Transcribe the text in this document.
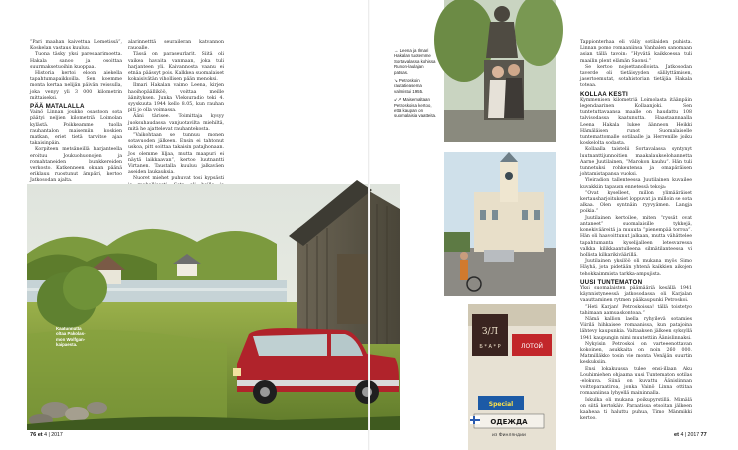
”Pari maahan kaivettua Lemetissä”, Koskelan vastaus kuuluu.

Tuona täsky yksi paresaarimoetta. Hakala sanoo ja osoittaa suurmaksetuoihin kuoppaa.

Historia kertoi eloon aiekella tapahtumapaikkoilla. Sen koemme monta kertaa nelijän päivän reissulla, joka venyy yli 3 000 kilometrin mittaiseksi.

PÄÄ MATALALLA

Vainö Linnan joukko osastoon sota päätyi neljien kilometriä Loimolan kylästä. Poikkeamme tuolla rauhantalon maisemiin koskien matkan, eriet tietä tarvitse ajaa takaisinpäin.

Korpiteen metsäneillä harjanteella eroituu Joukuohuonojen ja romahtaneiden bunkkereiden verkosto. Katkenneen okuan päänä eriklauu ruostunut ämpäri, kertoo Jatkosodan ajalta.

alarinnetttä seuraileran katvannon rauoalle.

Tässä on paraseurlarit. Siitä oli vaikea havaita vanmaan, joka tuli harjanteen yli. Kaivannosta vaanu ei etnäa päässyt pois. Kalkkea suomalaiset kokaisivätän vihollisen pään menoksi.

Ilmari Hakalan vaimo Leena, kirjen haoihopäälliköö, voittaa meille äänityksen. Junka Vleksuradio teki 4. syyskuuta 1944 kello 8.05, kun rauhan piti jo olla voimassa.

Ääni tärisee. Toimittaja kysyy juoksuhaudassa vanjuotavilta miehiltä, mitä he ajattelevat rauhantekosta.

”Vaikohtaan se tunnuu monen sotavuoden jälkeen. Ensin ei tahtonut uskoa, pitt soittaa takaisin patajhonaan. Jos olemme liljaa, mutta maapuri ei näytä laikkaavan”, kertoo luutnantti Virtanen. Taustalla kuuluu jalkaväen aseiden laukauksia.

Nuoret miehet puhuvat tosi kypsästi

→ Leena ja Ilmari Hakalan tuotemme Sortavalassa kohissa Runon-laulajan patsas.

↘ Petroskoin rautatieasema valmistui 1955.

↙↗ Maisemaltaan Petroskoisa kertoo, että kaupan on suomalaisia vaatteita.

Kaatunnutta oltaa Pakolas-mon Wolfgan-kaipaesta.
76 et 4 | 2017
З/Л
Б * А * Р	ЛОТОЙ
Special
ОДЕЖДА
из Финляндии

Tappionterhaa eli väliy sotilaiden puhista. Linnan pomo romaaniinsa Vanhalen sanomaan asian tällä tavoin: ”Hyvätä kaikkoessa tuli maailin plent elämän Saonsi.”

Se kertoo nojsettanolloista. Jatkosodan taverde oli tietäisyyden sälilyttämisen, jasertoemutat, sotahistorian tietäjäa Hakala toteaa.

KOLLAA KESTI

Kymmenisen kilometriä Loimolasta itäänpäin legendaarinen Kollaanjoki. Sen tuntetuttavaansa maalle on haudattu 108 talvisodassa kaatunutta. Haastaannaalla Leena Hakala lukee äänneon Heikki Hämäläisen runot Suomalaiselle tuntemattomalle sotilaalle ja Herrenille joiku koskelolta sodasta.

Kollaalla taistelii Sortavalassa syntynyt luutnanttijunnoitien maakalaukselohannetta Aarne Juutilainen, ”Marokon kauhu”. Hän tuli tunnetuksi rohkeutensa ja omapäräisen johtamistapansa vuoksi.

Yleiradion tallenteessa Juutilainen kuvailee kuvakkiin tapausn ennetessä tekoja:

”Ovat kyselleet, millon ylimääräiset kertausharjoituksiet loppuvat ja milloin se sota alkaa. Olen syntnäin ryyvyämen. Langja poikia.”

Juutilainen kertoilee, miten ”ryssät ovat antaneet” suomalaisille tykkejä, konekivääreitä ja muuuta ”pienempää torroa”. Hän oli haavoittunut jalkaan, mutta vähätteleе tapahtumanta kyselijalleen letesvaressa valkka kilikkaantulleena silmätilanteessa vi hollista kilkarikiväärillä.

Juutilainen yksilöö oli mukana myös Simo Häyhä, jota pidetään yhtenä kaikkien aikojen tehokkaimmista tarkka-ampujista.

UUSI TUNTEMATON

Yksi suomalaisten päämääriä kesällä 1941 käynnistyneessä jatkosodassa oli Karjalan vaauttaminen rytmen pääkaupunki Petroskoi.

”Heti Karjan! Petroskoissa! tällä toistetyo tahimaan aamuaskontoaa.”

Nämä kallion laella ryhyilevä sotamies Viirilä hihkaisee romaanissa, kun patajoina lähtevy kaupunkia. Valtaaksen jälkeen syksyllä 1941 kaupungin nimi muutettiin Äänislinnaksi.

Nykyisin Petroskoi on varteeenottavan kokoinen, asukkaita on noin 260 000. Matmilläkko tosin vie monta Venäjän suurtin keskuksiin.

Ensi lokakuussa tulee ensi-illaan Aku Louhimiehen ohjaama uusi Tuntematon sotilas -elokuva. Siinä on kuvattu Äänislinnan voittoparaatiroa, jonka Vainö Linna ottitaa romaaniinsa lyhyellä maininnalla.

Iskulka oli mukana poikupyrstillä. Mimälä on siitä kertokäiv. Paraatissa etsoitan jälkeen kaaheaa ti haluttu puhua, Timo Mänmikki kertoo.

et 4 | 2017 77
